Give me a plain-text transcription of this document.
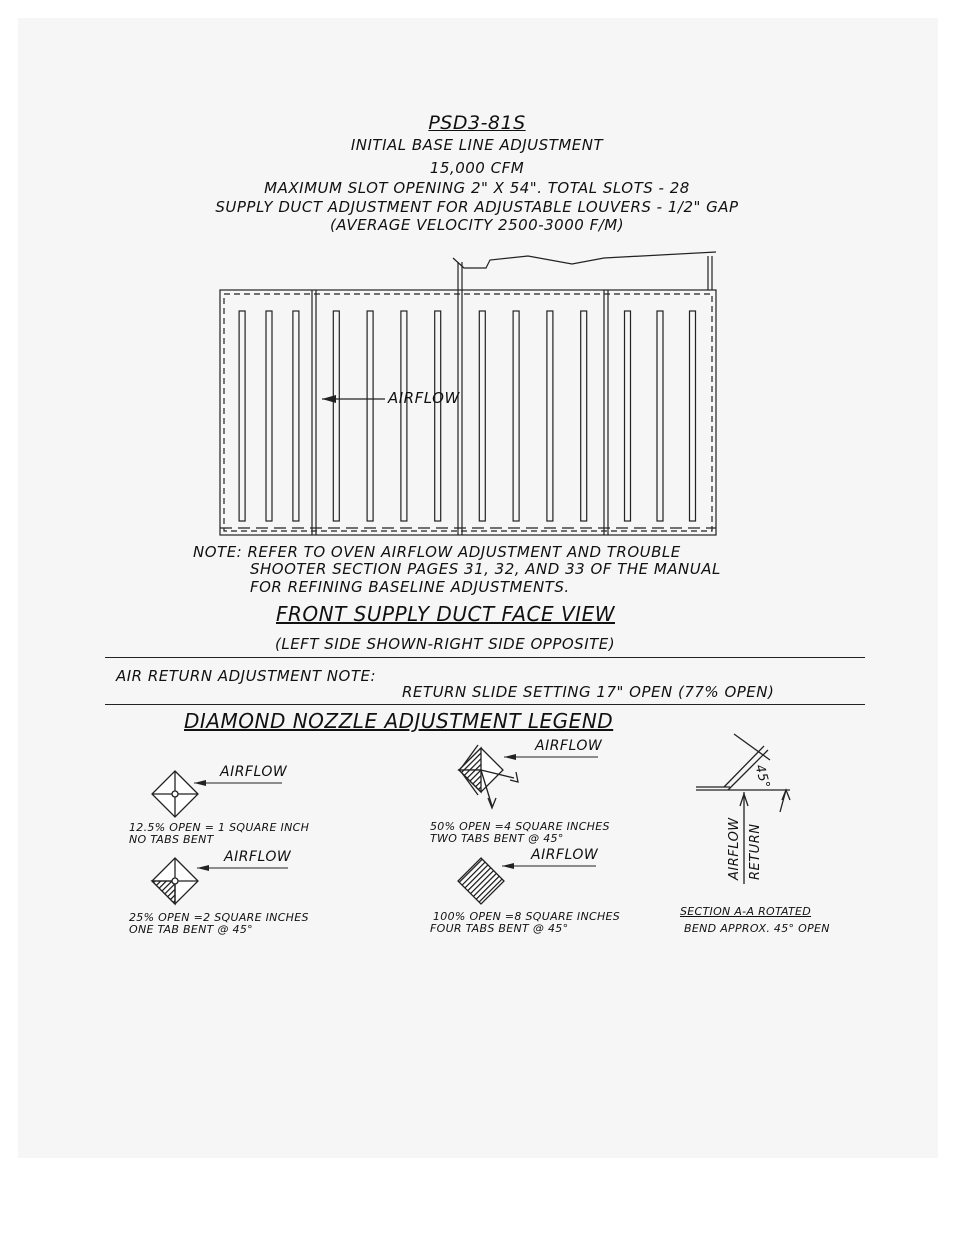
PSD3-81S
INITIAL BASE LINE ADJUSTMENT
15,000 CFM
MAXIMUM SLOT OPENING 2" X 54". TOTAL SLOTS - 28
SUPPLY DUCT ADJUSTMENT FOR ADJUSTABLE LOUVERS - 1/2" GAP
(AVERAGE VELOCITY 2500-3000 F/M)
AIRFLOW
NOTE: REFER TO OVEN AIRFLOW ADJUSTMENT AND TROUBLE
SHOOTER SECTION PAGES 31, 32, AND 33 OF THE MANUAL
FOR REFINING BASELINE ADJUSTMENTS.
FRONT SUPPLY DUCT FACE VIEW
(LEFT SIDE SHOWN-RIGHT SIDE OPPOSITE)
AIR RETURN ADJUSTMENT NOTE:
RETURN SLIDE SETTING 17" OPEN (77% OPEN)
DIAMOND NOZZLE ADJUSTMENT LEGEND
AIRFLOW
12.5% OPEN = 1 SQUARE INCH
NO TABS BENT
AIRFLOW
50% OPEN =4 SQUARE INCHES
TWO TABS BENT @ 45°
AIRFLOW
25% OPEN =2 SQUARE INCHES
ONE TAB BENT @ 45°
AIRFLOW
100% OPEN =8 SQUARE INCHES
FOUR TABS BENT @ 45°
45°
AIRFLOW RETURN
SECTION A-A ROTATED
BEND APPROX. 45° OPEN
